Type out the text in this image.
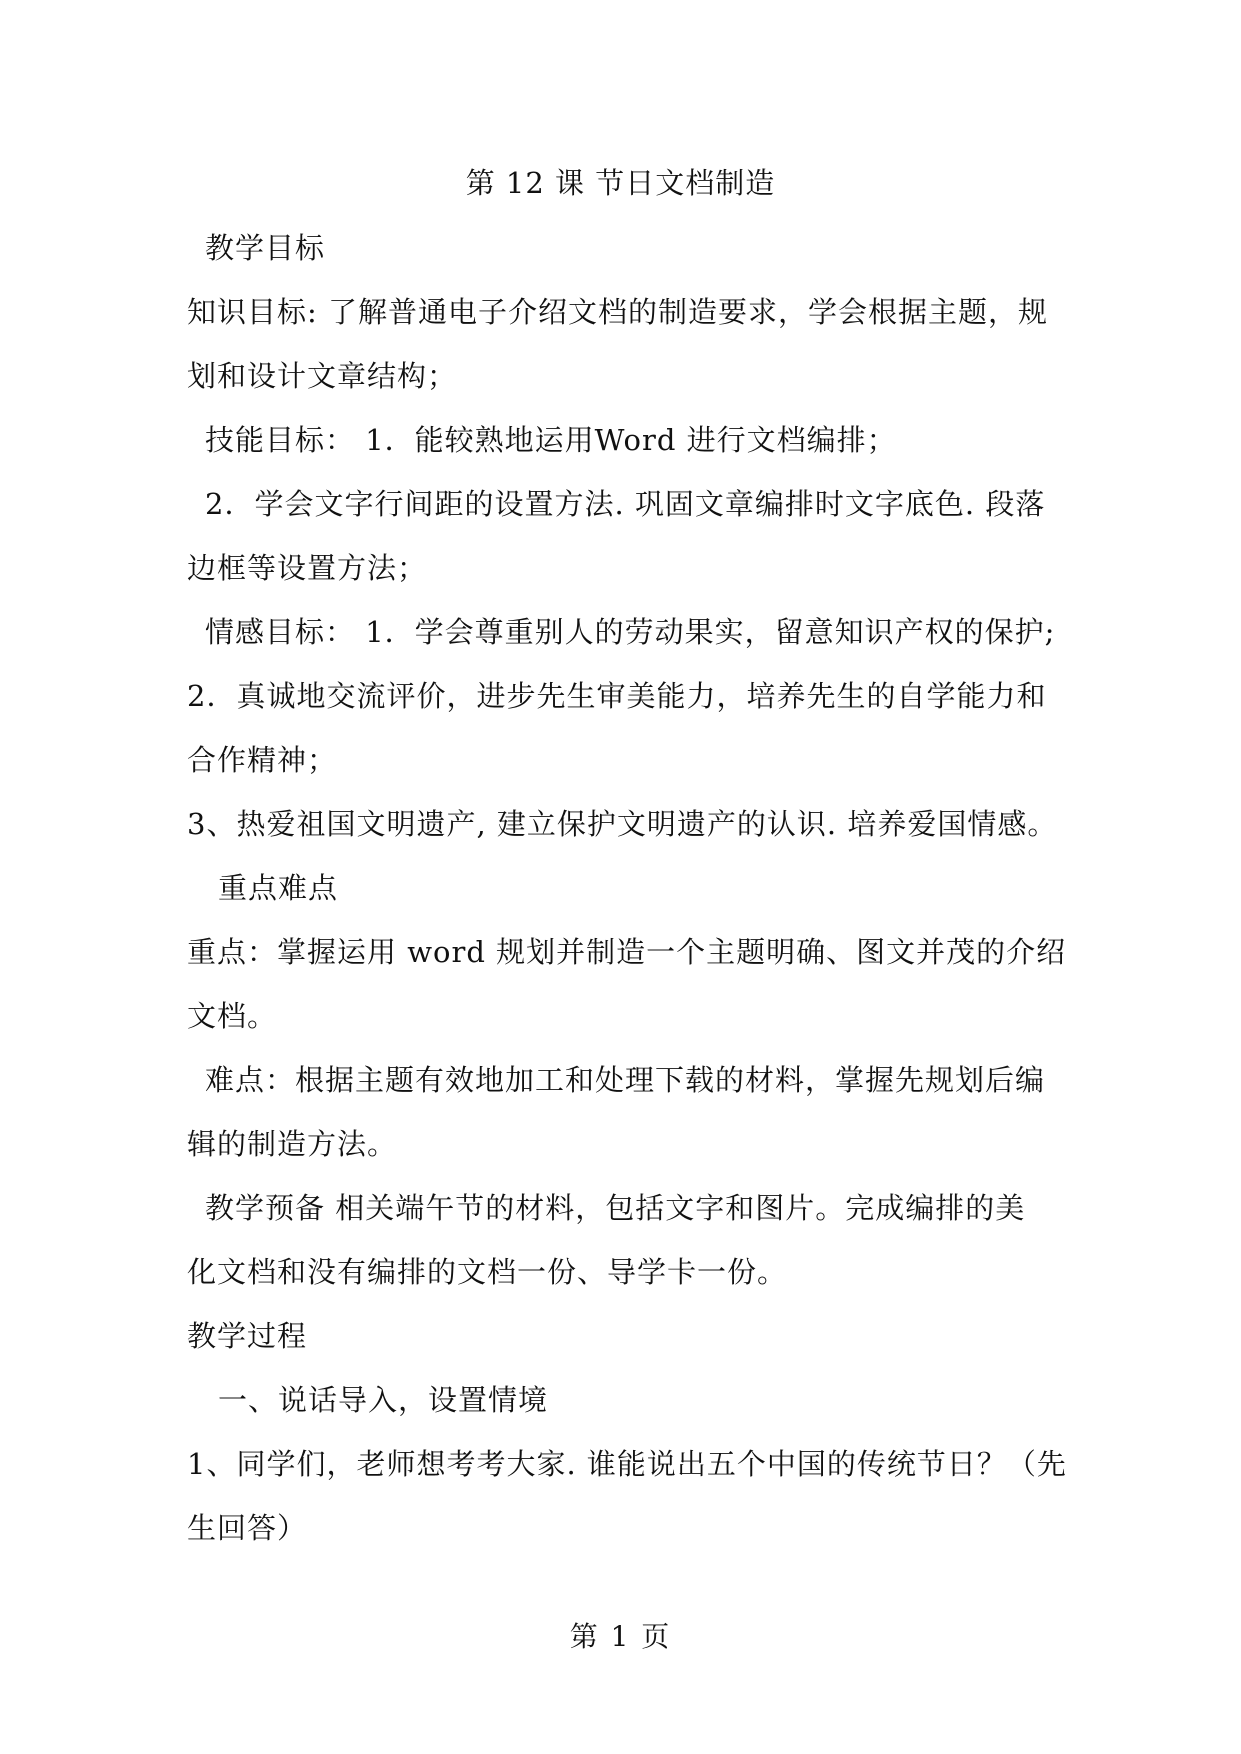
第 12 课 节日文档制造
教学目标
知识目标: 了解普通电子介绍文档的制造要求，学会根据主题，规
划和设计文章结构；
技能目标： 1．能较熟地运用Word 进行文档编排；
2．学会文字行间距的设置方法. 巩固文章编排时文字底色. 段落
边框等设置方法；
情感目标： 1．学会尊重别人的劳动果实，留意知识产权的保护;
2．真诚地交流评价，进步先生审美能力，培养先生的自学能力和
合作精神；
3、热爱祖国文明遗产, 建立保护文明遗产的认识. 培养爱国情感。
重点难点
重点：掌握运用 word 规划并制造一个主题明确、图文并茂的介绍
文档。
难点：根据主题有效地加工和处理下载的材料，掌握先规划后编
辑的制造方法。
教学预备 相关端午节的材料，包括文字和图片。完成编排的美
化文档和没有编排的文档一份、导学卡一份。
教学过程
一、说话导入，设置情境
1、同学们，老师想考考大家. 谁能说出五个中国的传统节日？（先
生回答）
第 1 页
